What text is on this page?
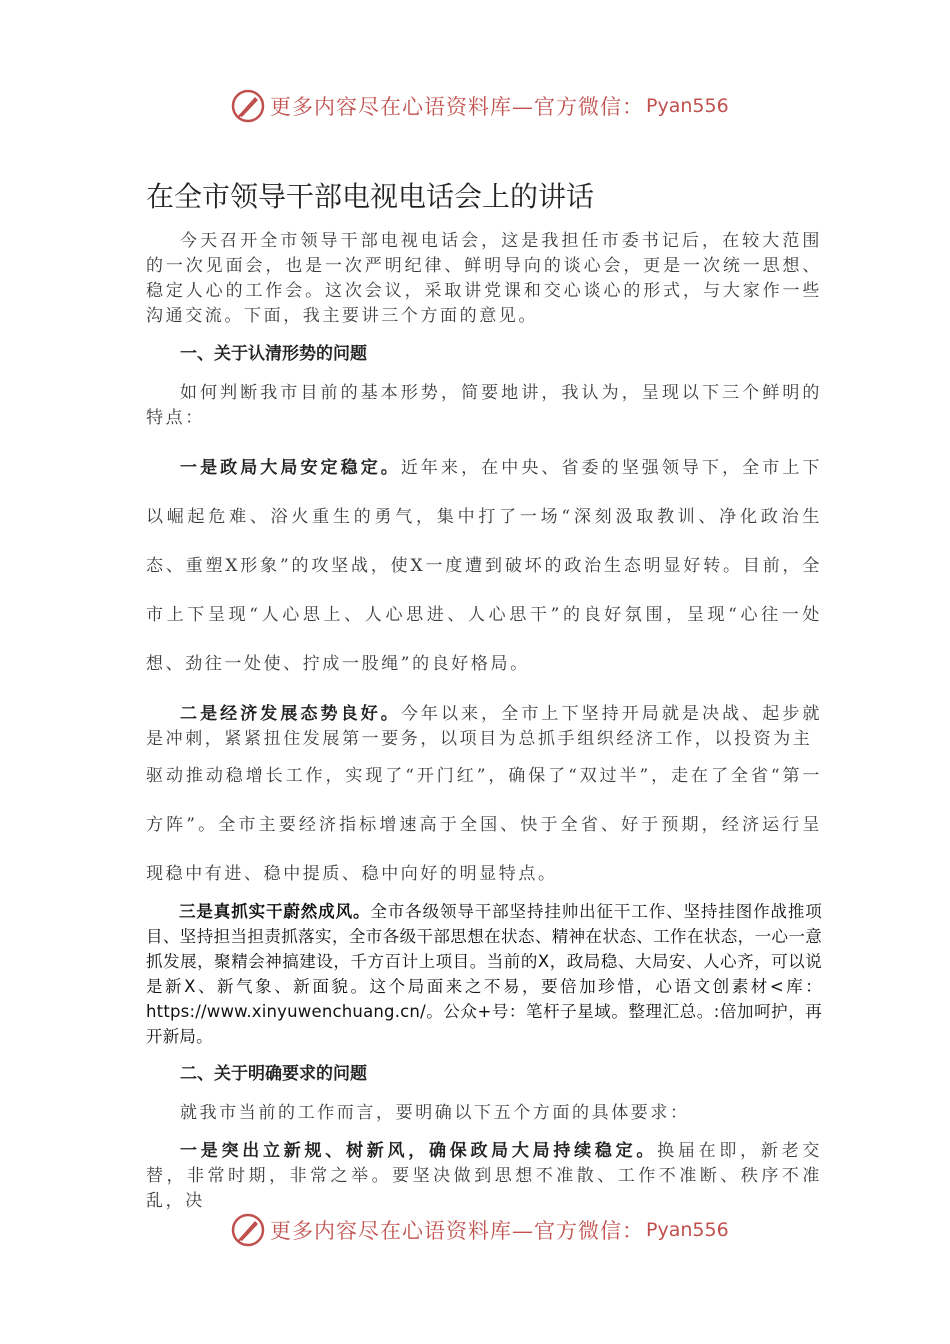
更多内容尽在心语资料库—官方微信： Pyan556
在全市领导干部电视电话会上的讲话

今天召开全市领导干部电视电话会，这是我担任市委书记后，在较大范围的一次见面会，也是一次严明纪律、鲜明导向的谈心会，更是一次统一思想、稳定人心的工作会。这次会议，采取讲党课和交心谈心的形式，与大家作一些沟通交流。下面，我主要讲三个方面的意见。

一、关于认清形势的问题

如何判断我市目前的基本形势，简要地讲，我认为，呈现以下三个鲜明的特点：

一是政局大局安定稳定。近年来，在中央、省委的坚强领导下，全市上下以崛起危难、浴火重生的勇气，集中打了一场“深刻汲取教训、净化政治生态、重塑X形象”的攻坚战，使X一度遭到破坏的政治生态明显好转。目前，全市上下呈现“人心思上、人心思进、人心思干”的良好氛围，呈现“心往一处想、劲往一处使、拧成一股绳”的良好格局。

二是经济发展态势良好。今年以来，全市上下坚持开局就是决战、起步就是冲刺，紧紧扭住发展第一要务，以项目为总抓手组织经济工作，以投资为主

驱动推动稳增长工作，实现了“开门红”，确保了“双过半”，走在了全省“第一方阵”。全市主要经济指标增速高于全国、快于全省、好于预期，经济运行呈现稳中有进、稳中提质、稳中向好的明显特点。

三是真抓实干蔚然成风。全市各级领导干部坚持挂帅出征干工作、坚持挂图作战推项目、坚持担当担责抓落实，全市各级干部思想在状态、精神在状态、工作在状态，一心一意抓发展，聚精会神搞建设，千方百计上项目。当前的X，政局稳、大局安、人心齐，可以说是新X、新气象、新面貌。这个局面来之不易，要倍加珍惜，心语文创素材<库：https://www.xinyuwenchuang.cn/。公众+号：笔杆子星域。整理汇总。:倍加呵护，再开新局。

二、关于明确要求的问题

就我市当前的工作而言，要明确以下五个方面的具体要求：

一是突出立新规、树新风，确保政局大局持续稳定。换届在即，新老交替，非常时期，非常之举。要坚决做到思想不准散、工作不准断、秩序不准乱，决

更多内容尽在心语资料库—官方微信： Pyan556
